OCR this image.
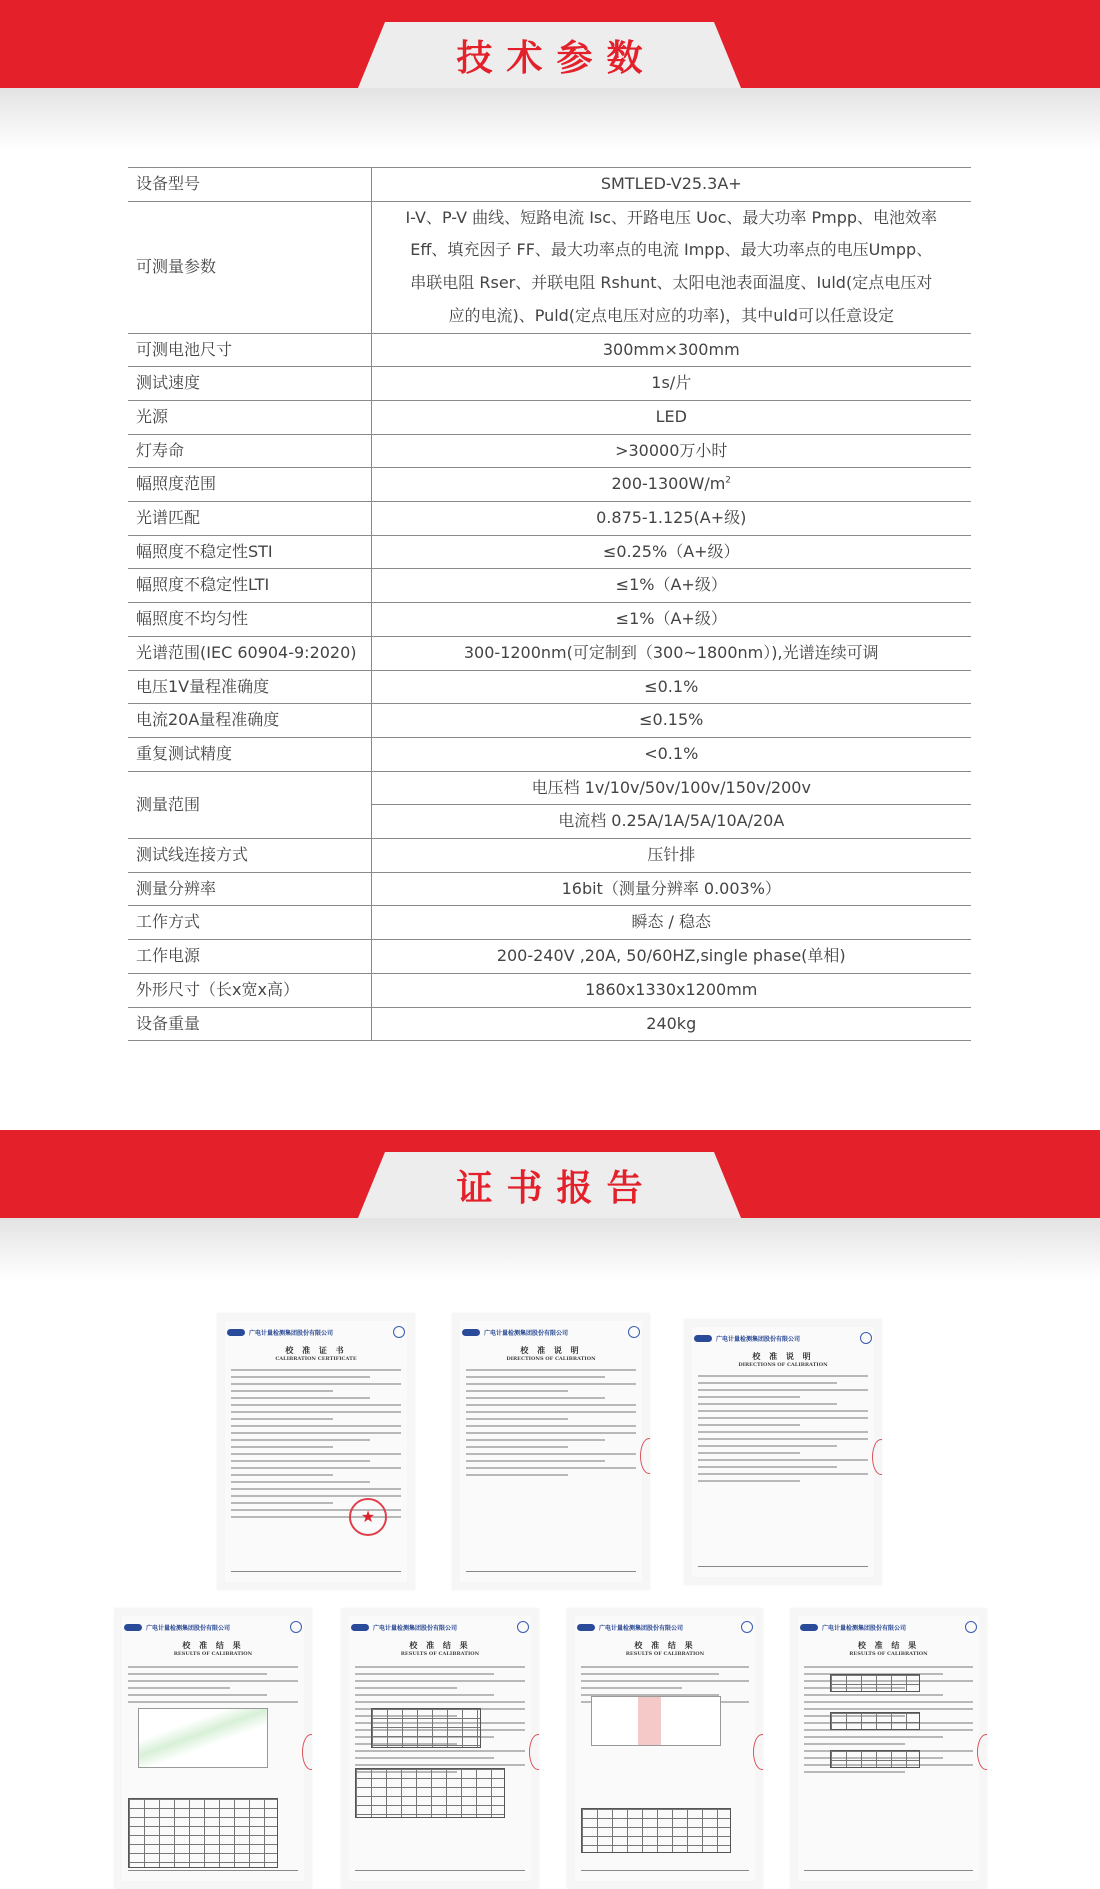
技术参数
设备型号	SMTLED-V25.3A+
可测量参数	I-V、P-V 曲线、短路电流 Isc、开路电压 Uoc、最大功率 Pmpp、电池效率
Eff、填充因子 FF、最大功率点的电流 Impp、最大功率点的电压Umpp、
串联电阻 Rser、并联电阻 Rshunt、太阳电池表面温度、Iuld(定点电压对
应的电流)、Puld(定点电压对应的功率)，其中uld可以任意设定

可测电池尺寸	300mm×300mm
测试速度	1s/片
光源	LED
灯寿命	>30000万小时
幅照度范围	$200-1300W/m^2$
光谱匹配	0.875-1.125(A+级)
幅照度不稳定性STI	≤0.25%（A+级）
幅照度不稳定性LTI	≤1%（A+级）
幅照度不均匀性	≤1%（A+级）
光谱范围(IEC 60904-9:2020)	300-1200nm(可定制到（300~1800nm）),光谱连续可调
电压1V量程准确度	≤0.1%
电流20A量程准确度	≤0.15%
重复测试精度	<0.1%
测量范围	电压档 1v/10v/50v/100v/150v/200v
	电流档 0.25A/1A/5A/10A/20A
测试线连接方式	压针排
测量分辨率	16bit（测量分辨率 0.003%）
工作方式	瞬态 / 稳态
工作电源	200-240V ,20A, 50/60HZ,single phase(单相)
外形尺寸（长x宽x高）	1860x1330x1200mm
设备重量	240kg
证书报告
广电计量检测集团股份有限公司
校 准 证 书
CALIBRATION CERTIFICATE
★
广电计量检测集团股份有限公司
校 准 说 明
DIRECTIONS OF CALIBRATION
广电计量检测集团股份有限公司
校 准 说 明
DIRECTIONS OF CALIBRATION
广电计量检测集团股份有限公司
校 准 结 果
RESULTS OF CALIBRATION
广电计量检测集团股份有限公司
校 准 结 果
RESULTS OF CALIBRATION
广电计量检测集团股份有限公司
校 准 结 果
RESULTS OF CALIBRATION
广电计量检测集团股份有限公司
校 准 结 果
RESULTS OF CALIBRATION
